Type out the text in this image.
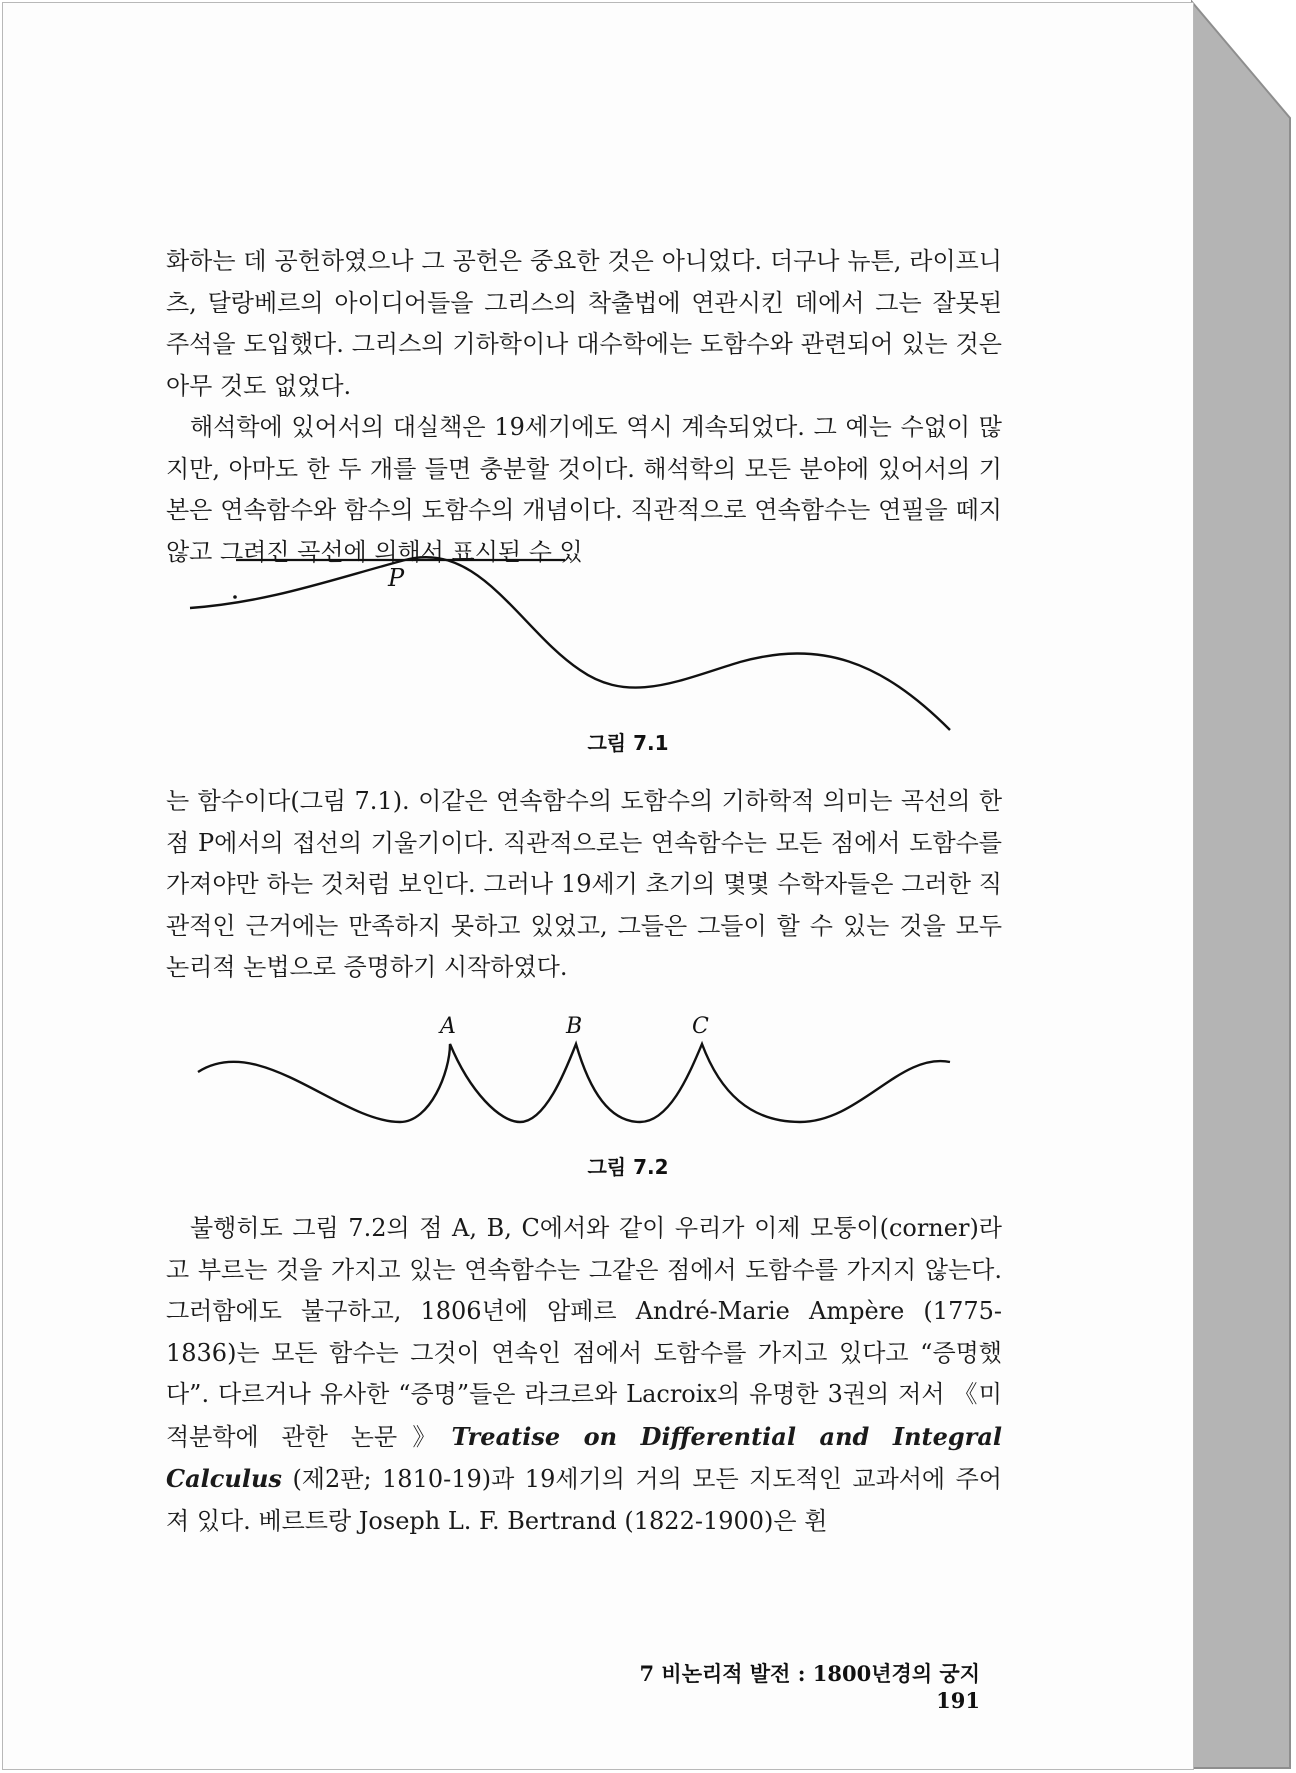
화하는 데 공헌하였으나 그 공헌은 중요한 것은 아니었다. 더구나 뉴튼, 라이프니츠, 달랑베르의 아이디어들을 그리스의 착출법에 연관시킨 데에서 그는 잘못된 주석을 도입했다. 그리스의 기하학이나 대수학에는 도함수와 관련되어 있는 것은 아무 것도 없었다.

해석학에 있어서의 대실책은 19세기에도 역시 계속되었다. 그 예는 수없이 많지만, 아마도 한 두 개를 들면 충분할 것이다. 해석학의 모든 분야에 있어서의 기본은 연속함수와 함수의 도함수의 개념이다. 직관적으로 연속함수는 연필을 떼지 않고 그려진 곡선에 의해서 표시된 수 있

P
그림 7.1

는 함수이다(그림 7.1). 이같은 연속함수의 도함수의 기하학적 의미는 곡선의 한 점 P에서의 접선의 기울기이다. 직관적으로는 연속함수는 모든 점에서 도함수를 가져야만 하는 것처럼 보인다. 그러나 19세기 초기의 몇몇 수학자들은 그러한 직관적인 근거에는 만족하지 못하고 있었고, 그들은 그들이 할 수 있는 것을 모두 논리적 논법으로 증명하기 시작하였다.

A	B	C
그림 7.2

불행히도 그림 7.2의 점 A, B, C에서와 같이 우리가 이제 모퉁이(corner)라고 부르는 것을 가지고 있는 연속함수는 그같은 점에서 도함수를 가지지 않는다. 그러함에도 불구하고, 1806년에 암페르 André-Marie Ampère (1775-1836)는 모든 함수는 그것이 연속인 점에서 도함수를 가지고 있다고 “증명했다”. 다르거나 유사한 “증명”들은 라크르와 Lacroix의 유명한 3권의 저서 《미적분학에 관한 논문》Treatise on Differential and Integral Calculus (제2판; 1810-19)과 19세기의 거의 모든 지도적인 교과서에 주어져 있다. 베르트랑 Joseph L. F. Bertrand (1822-1900)은 휜

7 비논리적 발전 : 1800년경의 궁지191
